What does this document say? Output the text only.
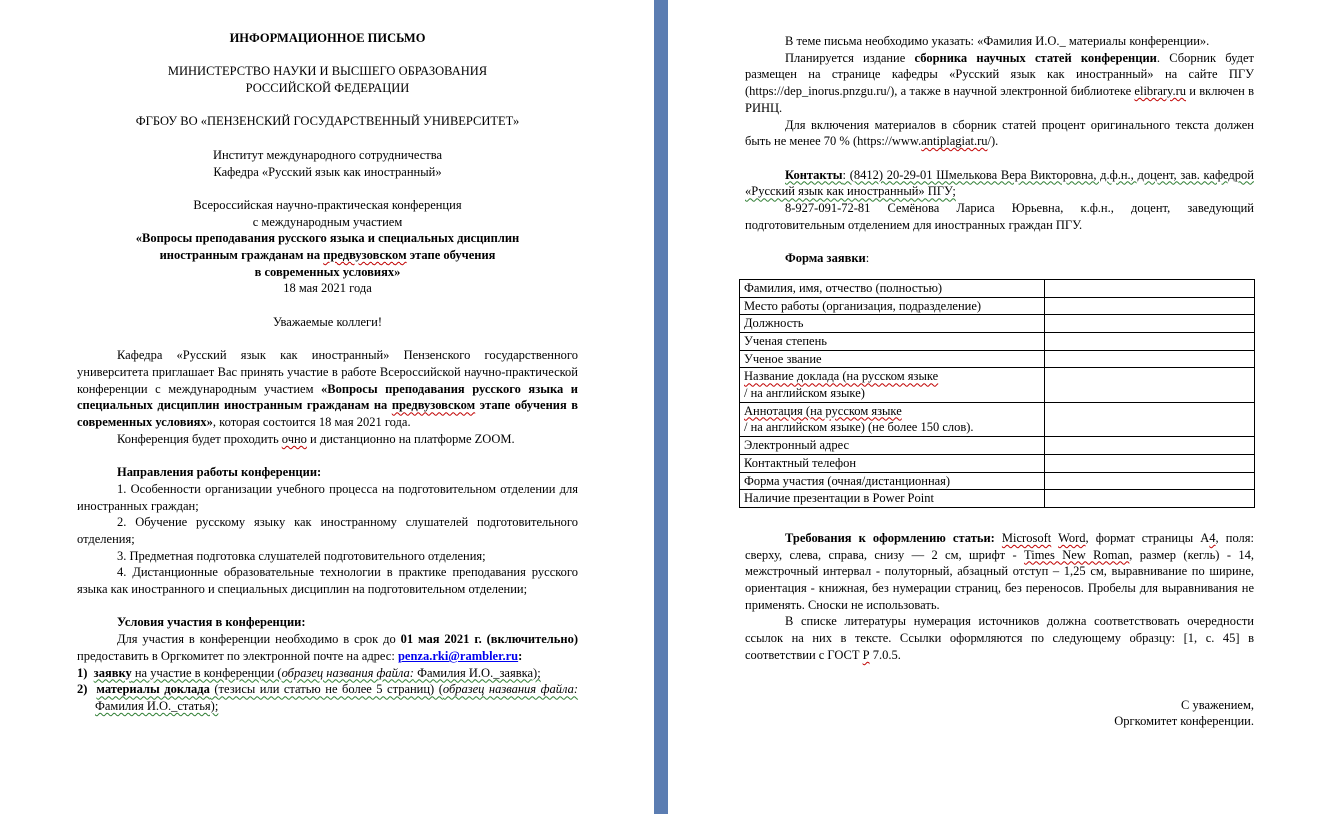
ИНФОРМАЦИОННОЕ ПИСЬМО

МИНИСТЕРСТВО НАУКИ И ВЫСШЕГО ОБРАЗОВАНИЯ

РОССИЙСКОЙ ФЕДЕРАЦИИ

ФГБОУ ВО «ПЕНЗЕНСКИЙ ГОСУДАРСТВЕННЫЙ УНИВЕРСИТЕТ»

Институт международного сотрудничества

Кафедра «Русский язык как иностранный»

Всероссийская научно-практическая конференция

с международным участием

«Вопросы преподавания русского языка и специальных дисциплин

иностранным гражданам на предвузовском этапе обучения

в современных условиях»

18 мая 2021 года

Уважаемые коллеги!

Кафедра «Русский язык как иностранный» Пензенского государственного университета приглашает Вас принять участие в работе Всероссийской научно-практической конференции с международным участием «Вопросы преподавания русского языка и специальных дисциплин иностранным гражданам на предвузовском этапе обучения в современных условиях», которая состоится 18 мая 2021 года.

Конференция будет проходить очно и дистанционно на платформе ZOOM.

Направления работы конференции:

1. Особенности организации учебного процесса на подготовительном отделении для иностранных граждан;

2. Обучение русскому языку как иностранному слушателей подготовительного отделения;

3. Предметная подготовка слушателей подготовительного отделения;

4. Дистанционные образовательные технологии в практике преподавания русского языка как иностранного и специальных дисциплин на подготовительном отделении;

Условия участия в конференции:

Для участия в конференции необходимо в срок до 01 мая 2021 г. (включительно) предоставить в Оргкомитет по электронной почте на адрес: penza.rki@rambler.ru:

1) заявку на участие в конференции (образец названия файла: Фамилия И.О._заявка);

2) материалы доклада (тезисы или статью не более 5 страниц) (образец названия файла: Фамилия И.О._статья);

В теме письма необходимо указать: «Фамилия И.О._ материалы конференции».

Планируется издание сборника научных статей конференции. Сборник будет размещен на странице кафедры «Русский язык как иностранный» на сайте ПГУ (https://dep_inorus.pnzgu.ru/), а также в научной электронной библиотеке elibrary.ru и включен в РИНЦ.

Для включения материалов в сборник статей процент оригинального текста должен быть не менее 70 % (https://www.antiplagiat.ru/).

Контакты: (8412) 20-29-01 Шмелькова Вера Викторовна, д.ф.н., доцент, зав. кафедрой «Русский язык как иностранный» ПГУ;

8-927-091-72-81 Семёнова Лариса Юрьевна, к.ф.н., доцент, заведующий подготовительным отделением для иностранных граждан ПГУ.

Форма заявки:

Фамилия, имя, отчество (полностью)	
Место работы (организация, подразделение)	
Должность	
Ученая степень	
Ученое звание	
Название доклада (на русском языке
/ на английском языке)	
Аннотация (на русском языке
/ на английском языке) (не более 150 слов).	
Электронный адрес	
Контактный телефон	
Форма участия (очная/дистанционная)	
Наличие презентации в Power Point	

Требования к оформлению статьи: Microsoft Word, формат страницы А4, поля: сверху, слева, справа, снизу — 2 см, шрифт - Times New Roman, размер (кегль) - 14, межстрочный интервал - полуторный, абзацный отступ – 1,25 см, выравнивание по ширине, ориентация - книжная, без нумерации страниц, без переносов. Пробелы для выравнивания не применять. Сноски не использовать.

В списке литературы нумерация источников должна соответствовать очередности ссылок на них в тексте. Ссылки оформляются по следующему образцу: [1, с. 45] в соответствии с ГОСТ Р 7.0.5.

С уважением,

Оргкомитет конференции.
